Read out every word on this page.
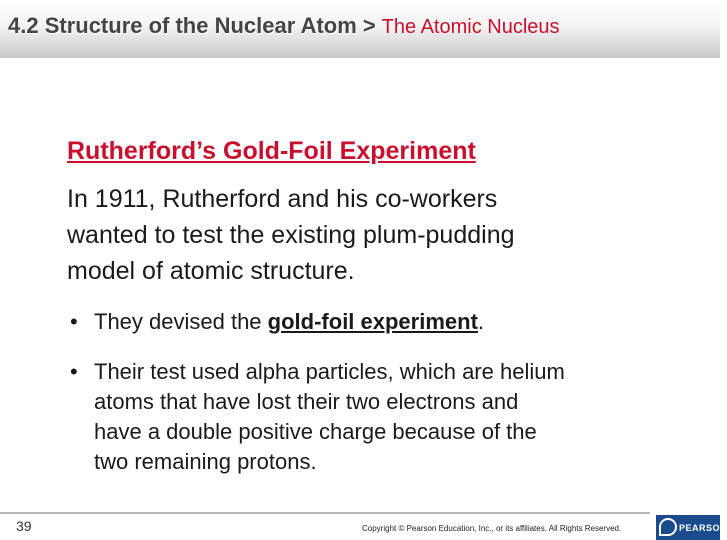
4.2 Structure of the Nuclear Atom > The Atomic Nucleus
Rutherford’s Gold-Foil Experiment
In 1911, Rutherford and his co-workers
wanted to test the existing plum-pudding
model of atomic structure.
• They devised the gold-foil experiment.
• Their test used alpha particles, which are helium
atoms that have lost their two electrons and
have a double positive charge because of the
two remaining protons.
39	Copyright © Pearson Education, Inc., or its affiliates. All Rights Reserved.	PEARSON
